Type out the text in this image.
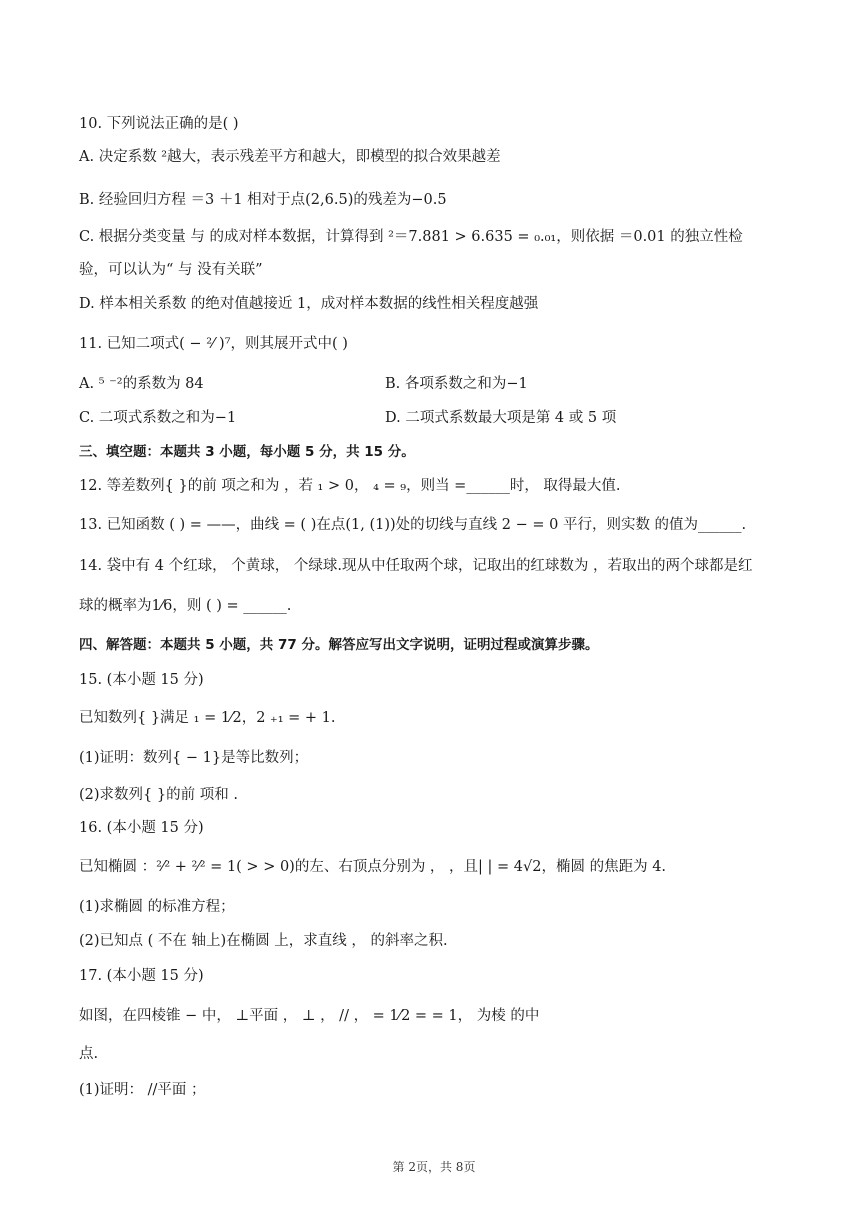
10. 下列说法正确的是( )
A. 决定系数 ²越大，表示残差平方和越大，即模型的拟合效果越差
B. 经验回归方程 ＝3 ＋1 相对于点(2,6.5)的残差为−0.5
C. 根据分类变量 与 的成对样本数据，计算得到 ²＝7.881 > 6.635 = ₀.₀₁，则依据 ＝0.01 的独立性检
验，可以认为“ 与 没有关联”
D. 样本相关系数 的绝对值越接近 1，成对样本数据的线性相关程度越强
11. 已知二项式( − ²⁄ )⁷，则其展开式中( )
A. ⁵ ⁻²的系数为 84	B. 各项系数之和为−1
C. 二项式系数之和为−1	D. 二项式系数最大项是第 4 或 5 项
三、填空题：本题共 3 小题，每小题 5 分，共 15 分。
12. 等差数列{ }的前 项之和为 ，若 ₁ > 0， ₄ = ₉，则当 =______时， 取得最大值.
13. 已知函数 ( ) = ——，曲线 = ( )在点(1, (1))处的切线与直线 2 − = 0 平行，则实数 的值为______.
14. 袋中有 4 个红球， 个黄球， 个绿球.现从中任取两个球，记取出的红球数为 ，若取出的两个球都是红
球的概率为1⁄6，则 ( ) = ______.
四、解答题：本题共 5 小题，共 77 分。解答应写出文字说明，证明过程或演算步骤。
15. (本小题 15 分)
已知数列{ }满足 ₁ = 1⁄2，2 ₊₁ = + 1.
(1)证明：数列{ − 1}是等比数列；
(2)求数列{ }的前 项和 .
16. (本小题 15 分)
已知椭圆 ：²⁄² + ²⁄² = 1( > > 0)的左、右顶点分别为 ， ，且| | = 4√2，椭圆 的焦距为 4.
(1)求椭圆 的标准方程；
(2)已知点 ( 不在 轴上)在椭圆 上，求直线 ， 的斜率之积.
17. (本小题 15 分)
如图，在四棱锥 − 中， ⊥平面 ， ⊥ ， // ， = 1⁄2 = = 1， 为棱 的中
点.
(1)证明： //平面 ；
第 2页，共 8页
